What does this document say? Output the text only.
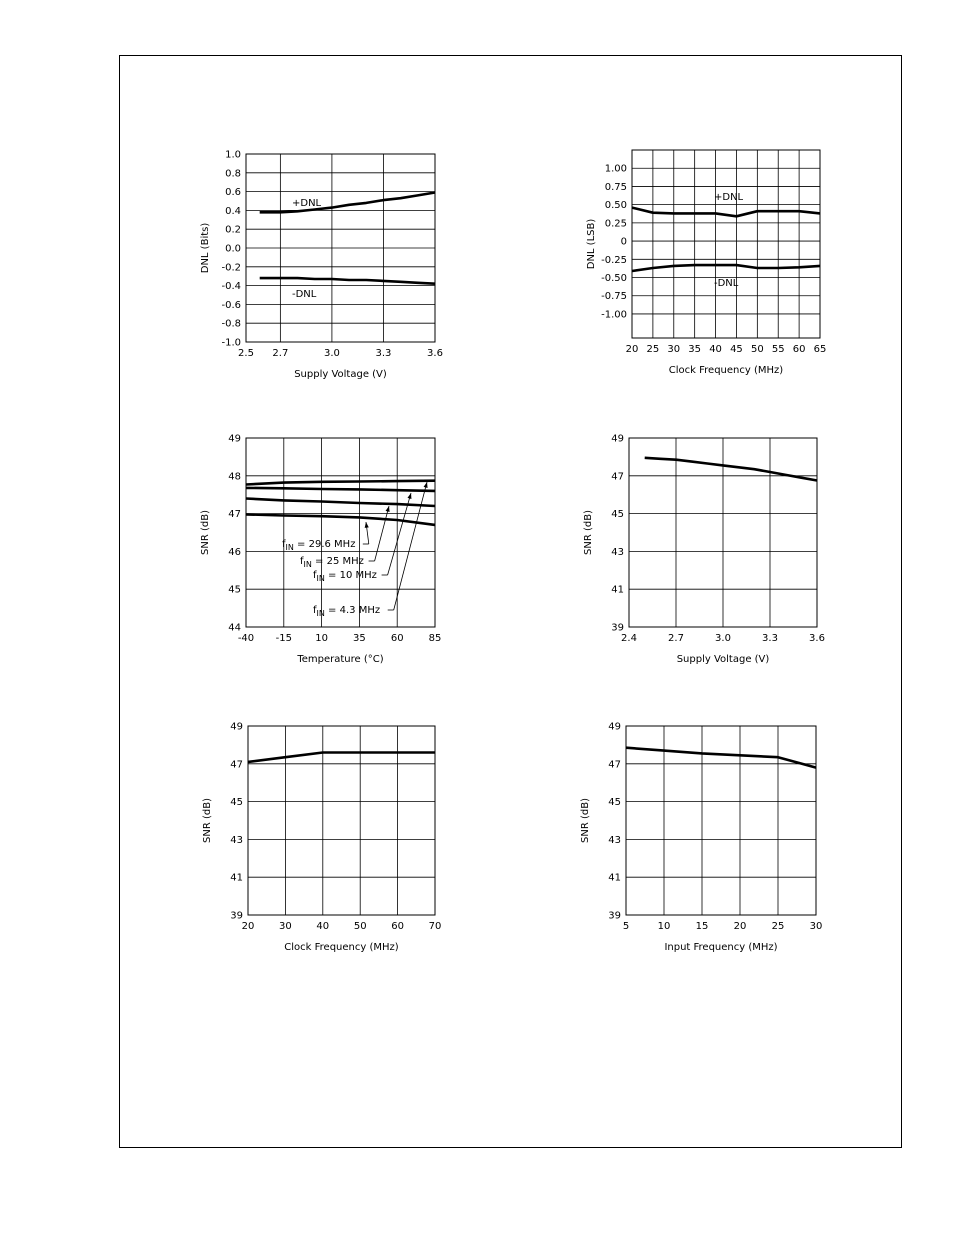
2.5 2.7	3.0	3.3	3.6
1.0
0.8
0.6
0.4
0.2
0.0
-0.2
-0.4
-0.6
-0.8
-1.0
Supply Voltage (V)
DNL (Bits)
+DNL
-DNL
20 25 30 35 40 45 50 55 60 65
1.00
0.75
0.50
0.25
0
-0.25
-0.50
-0.75
-1.00
Clock Frequency (MHz)
DNL (LSB)
+DNL
-DNL
-40 -15 10	35	60	85
49
48
47
46
45
44
Temperature (°C)
SNR (dB)	$f_{IN} = 29.6$ MHz
$f_{IN} = 25$ MHz
$f_{IN} = 10$ MHz
$f_{IN} = 4.3$ MHz
2.4	2.7	3.0	3.3	3.6
49
47
45
43
41
39
Supply Voltage (V)
SNR (dB)
20 30 40 50 60 70
49
47
45
43
41
39
Clock Frequency (MHz)
SNR (dB)
5	10	15	20	25	30
49
47
45
43
41
39
Input Frequency (MHz)
SNR (dB)
